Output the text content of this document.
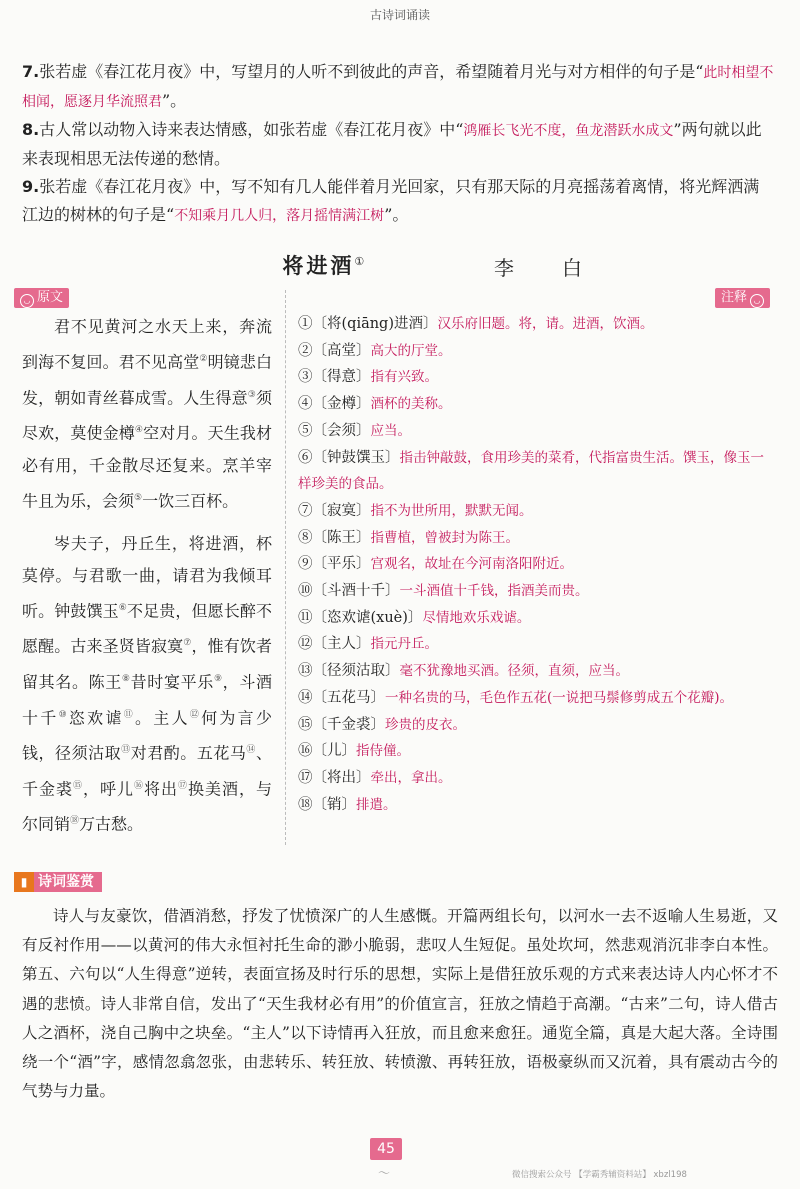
古诗词诵读
7.张若虚《春江花月夜》中，写望月的人听不到彼此的声音，希望随着月光与对方相伴的句子是“此时相望不相闻，愿逐月华流照君”。
8.古人常以动物入诗来表达情感，如张若虚《春江花月夜》中“鸿雁长飞光不度，鱼龙潜跃水成文”两句就以此来表现相思无法传递的愁情。
9.张若虚《春江花月夜》中，写不知有几人能伴着月光回家，只有那天际的月亮摇荡着离情，将光辉洒满江边的树林的句子是“不知乘月几人归，落月摇情满江树”。
将进酒①	李　白
◡ 原文	注释 ◡

君不见黄河之水天上来，奔流到海不复回。君不见高堂②明镜悲白发，朝如青丝暮成雪。人生得意③须尽欢，莫使金樽④空对月。天生我材必有用，千金散尽还复来。烹羊宰牛且为乐，会须⑤一饮三百杯。

岑夫子，丹丘生，将进酒，杯莫停。与君歌一曲，请君为我倾耳听。钟鼓馔玉⑥不足贵，但愿长醉不愿醒。古来圣贤皆寂寞⑦，惟有饮者留其名。陈王⑧昔时宴平乐⑨，斗酒十千⑩恣欢谑⑪。主人⑫何为言少钱，径须沽取⑬对君酌。五花马⑭、千金裘⑮，呼儿⑯将出⑰换美酒，与尔同销⑱万古愁。

①〔将(qiāng)进酒〕汉乐府旧题。将，请。进酒，饮酒。
②〔高堂〕高大的厅堂。
③〔得意〕指有兴致。
④〔金樽〕酒杯的美称。
⑤〔会须〕应当。
⑥〔钟鼓馔玉〕指击钟敲鼓，食用珍美的菜肴，代指富贵生活。馔玉，像玉一样珍美的食品。
⑦〔寂寞〕指不为世所用，默默无闻。
⑧〔陈王〕指曹植，曾被封为陈王。
⑨〔平乐〕宫观名，故址在今河南洛阳附近。
⑩〔斗酒十千〕一斗酒值十千钱，指酒美而贵。
⑪〔恣欢谑(xuè)〕尽情地欢乐戏谑。
⑫〔主人〕指元丹丘。
⑬〔径须沽取〕毫不犹豫地买酒。径须，直须，应当。
⑭〔五花马〕一种名贵的马，毛色作五花(一说把马鬃修剪成五个花瓣)。
⑮〔千金裘〕珍贵的皮衣。
⑯〔儿〕指侍僮。
⑰〔将出〕牵出，拿出。
⑱〔销〕排遣。
▮ 诗词鉴赏
诗人与友豪饮，借酒消愁，抒发了忧愤深广的人生感慨。开篇两组长句，以河水一去不返喻人生易逝，又有反衬作用——以黄河的伟大永恒衬托生命的渺小脆弱，悲叹人生短促。虽处坎坷，然悲观消沉非李白本性。第五、六句以“人生得意”逆转，表面宣扬及时行乐的思想，实际上是借狂放乐观的方式来表达诗人内心怀才不遇的悲愤。诗人非常自信，发出了“天生我材必有用”的价值宣言，狂放之情趋于高潮。“古来”二句，诗人借古人之酒杯，浇自己胸中之块垒。“主人”以下诗情再入狂放，而且愈来愈狂。通览全篇，真是大起大落。全诗围绕一个“酒”字，感情忽翕忽张，由悲转乐、转狂放、转愤激、再转狂放，语极豪纵而又沉着，具有震动古今的气势与力量。
45
〜	微信搜索公众号 【学霸秀辅资料站】 xbzl198
